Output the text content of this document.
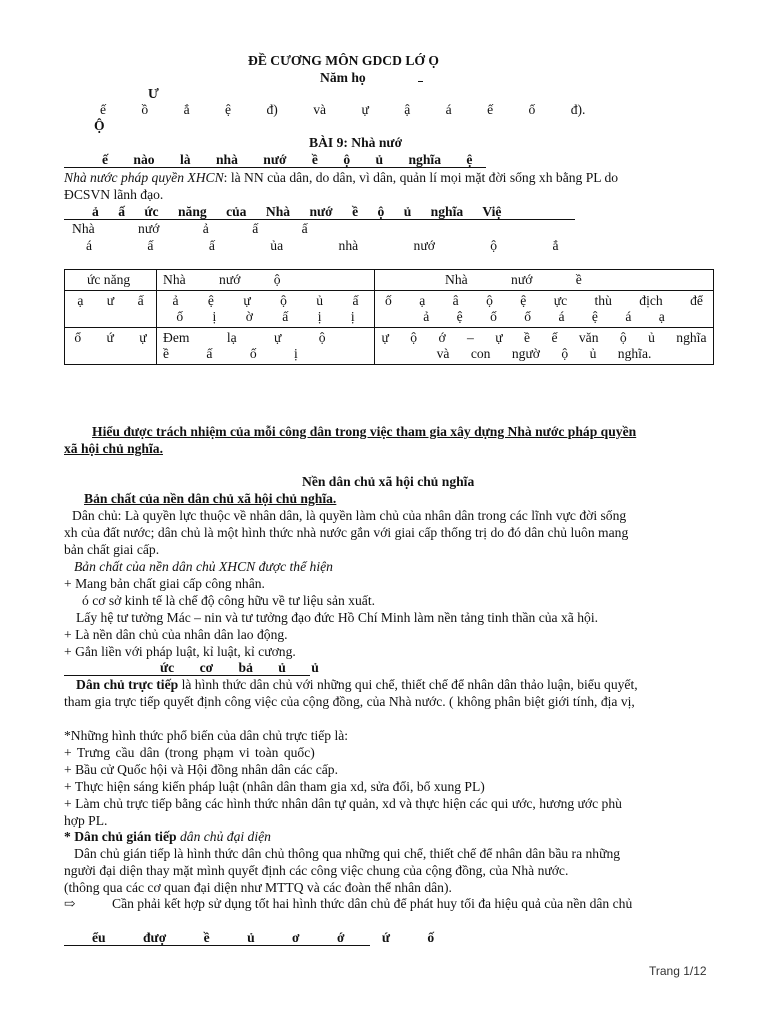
ĐỀ CƯƠNG MÔN GDCD LỚ Ọ
Năm họ
Ư
ế ồ ắ ệ đ) và ự ậ á ế ố đ).
Ộ
BÀI 9: Nhà nướ
ế nào là nhà nướ ề ộ ủ nghĩa ệ
Nhà nước pháp quyền XHCN: là NN của dân, do dân, vì dân, quản lí mọi mặt đời sống xh bằng PL do
ĐCSVN lãnh đạo.
ả ấ ức năng của Nhà nướ ề ộ ủ nghĩa Việ
Nhà nướ ả ấ ấ
á ấ ấ ủa nhà nướ ộ ắ
ức năng	Nhà nướ ộ	Nhà nướ ề
ạ ư ấ	ả ệ ự ộ ủ ấ ố ị ờ ấ ị ị	ố ạ â ộ ệ ực thù địch để ả ệ ố ố á ệ á ạ
ổ ứ ự	Đem lạ ự ộ ề ấ ố ị	ự ộ ớ – ự ề ế văn ộ ủ nghĩa và con ngườ ộ ủ nghĩa.
Hiểu được trách nhiệm của mỗi công dân trong việc tham gia xây dựng Nhà nước pháp quyền
xã hội chủ nghĩa.
Nền dân chủ xã hội chủ nghĩa
Bản chất của nền dân chủ xã hội chủ nghĩa.
Dân chủ: Là quyền lực thuộc về nhân dân, là quyền làm chủ của nhân dân trong các lĩnh vực đời sống
xh của đất nước; dân chủ là một hình thức nhà nước gắn với giai cấp thống trị do đó dân chủ luôn mang
bản chất giai cấp.
Bản chất của nền dân chủ XHCN được thể hiện
+ Mang bản chất giai cấp công nhân.
ó cơ sở kinh tế là chế độ công hữu về tư liệu sản xuất.
Lấy hệ tư tưởng Mác – nin và tư tưởng đạo đức Hồ Chí Minh làm nền tảng tinh thần của xã hội.
+ Là nền dân chủ của nhân dân lao động.
+ Gắn liền với pháp luật, kỉ luật, kỉ cương.
ức cơ bả ủ ủ
Dân chủ trực tiếp là hình thức dân chủ với những qui chế, thiết chế để nhân dân thảo luận, biểu quyết,
tham gia trực tiếp quyết định công việc của cộng đồng, của Nhà nước. ( không phân biệt giới tính, địa vị,
*Những hình thức phổ biến của dân chủ trực tiếp là:
+ Trưng cầu dân (trong phạm vi toàn quốc)
+ Bầu cử Quốc hội và Hội đồng nhân dân các cấp.
+ Thực hiện sáng kiến pháp luật (nhân dân tham gia xd, sửa đổi, bổ xung PL)
+ Làm chủ trực tiếp bằng các hình thức nhân dân tự quản, xd và thực hiện các qui ước, hương ước phù
hợp PL.
* Dân chủ gián tiếp dân chủ đại diện
Dân chủ gián tiếp là hình thức dân chủ thông qua những qui chế, thiết chế để nhân dân bầu ra những
người đại diện thay mặt mình quyết định các công việc chung của cộng đồng, của Nhà nước.
(thông qua các cơ quan đại diện như MTTQ và các đoàn thể nhân dân).
⇨	Cần phải kết hợp sử dụng tốt hai hình thức dân chủ để phát huy tối đa hiệu quả của nền dân chủ
ểu đượ ề ủ ơ ớ ứ ố
Trang 1/12
